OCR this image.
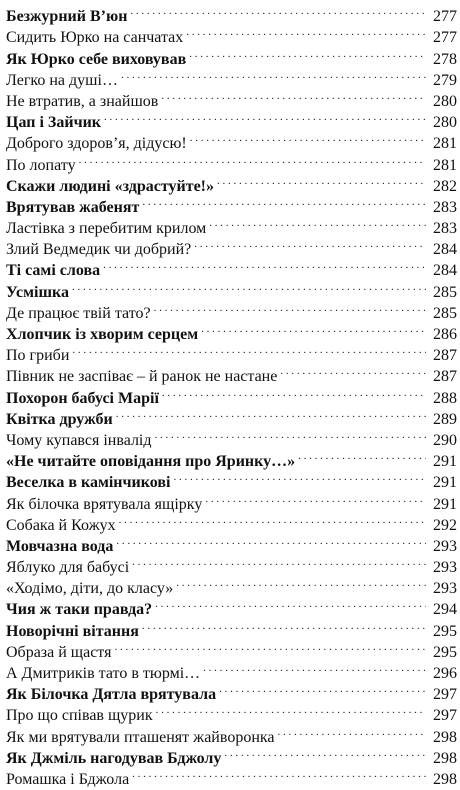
Безжурний В’юн . . .	277
Сидить Юрко на санчатах . . .	277
Як Юрко себе виховував . . .	278
Легко на душі… . . .	279
Не втратив, а знайшов . . .	280
Цап і Зайчик . . .	280
Доброго здоров’я, дідусю! . . .	281
По лопату . . .	281
Скажи людині «здрастуйте!» . . .	282
Врятував жабенят . . .	283
Ластівка з перебитим крилом . . .	283
Злий Ведмедик чи добрий? . . .	284
Ті самі слова . . .	284
Усмішка . . .	285
Де працює твій тато? . . .	285
Хлопчик із хворим серцем . . .	286
По гриби . . .	287
Півник не заспіває – й ранок не настане . . .	287
Похорон бабусі Марії . . .	288
Квітка дружби . . .	289
Чому купався інвалід . . .	290
«Не читайте оповідання про Яринку…» . . .	291
Веселка в камінчикові . . .	291
Як білочка врятувала ящірку . . .	291
Собака й Кожух . . .	292
Мовчазна вода . . .	293
Яблуко для бабусі . . .	293
«Ходімо, діти, до класу» . . .	293
Чия ж таки правда? . . .	294
Новорічні вітання . . .	295
Образа й щастя . . .	295
А Дмитриків тато в тюрмі… . . .	296
Як Білочка Дятла врятувала . . .	297
Про що співав щурик . . .	297
Як ми врятували пташенят жайворонка . . .	298
Як Джміль нагодував Бджолу . . .	298
Ромашка і Бджола . . .	298
